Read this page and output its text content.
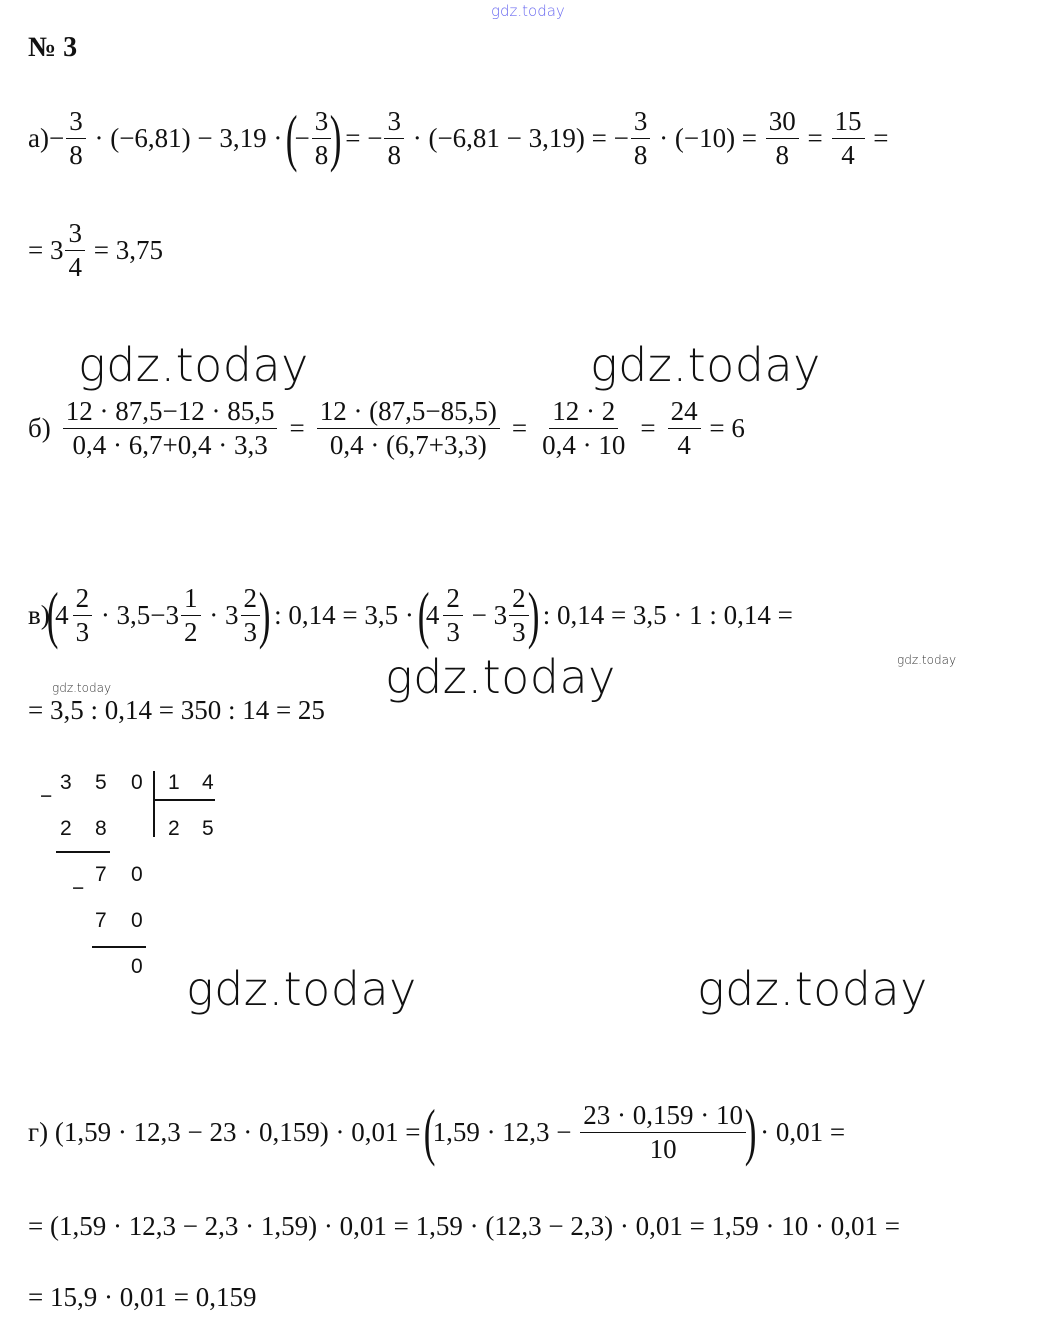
gdz.today
№ 3
$а) - \frac{3}{8} \cdot (-6,81) - 3,19$ ·
(
− $\frac{3}{8}$
)
= − $\frac{3}{8} \cdot (-6,81 - 3,19)$ = − $\frac{3}{8} \cdot (-10) = \frac{30}{8} = \frac{15}{4}$ =
= $3 \frac{3}{4} = 3,75$
gdz.today	gdz.today
$б) \frac{12 \cdot 87,5-12 \cdot 85,5}{0,4 \cdot 6,7+0,4 \cdot 3,3} = \frac{12 \cdot (87,5-85,5)}{0,4 \cdot (6,7+3,3)} = \frac{12 \cdot 2}{0,4 \cdot 10} = \frac{24}{4} = 6$
в)
(
$4 \frac{2}{3} \cdot 3,5-3 \frac{1}{2} \cdot 3 \frac{2}{3}$
)
: 0,14 = 3,5 ·
(
$4 \frac{2}{3} - 3 \frac{2}{3}$
)
: 0,14 = 3,5 · 1 : 0,14 =
gdz.today
gdz.today	gdz.today
= 3,5 : 0,14 = 350 : 14 = 25
3 5 0 1 4
−
2 8	2 5
7 0
−
7 0
0 gdz.today	gdz.today
г) (1,59 · 12,3 − 23 · 0,159) · 0,01 =
(
$1,59 \cdot 12,3 - \frac{23 \cdot 0,159 \cdot 10}{10}$
)
· 0,01 =
= (1,59 · 12,3 − 2,3 · 1,59) · 0,01 = 1,59 · (12,3 − 2,3) · 0,01 = 1,59 · 10 · 0,01 =
= 15,9 · 0,01 = 0,159
